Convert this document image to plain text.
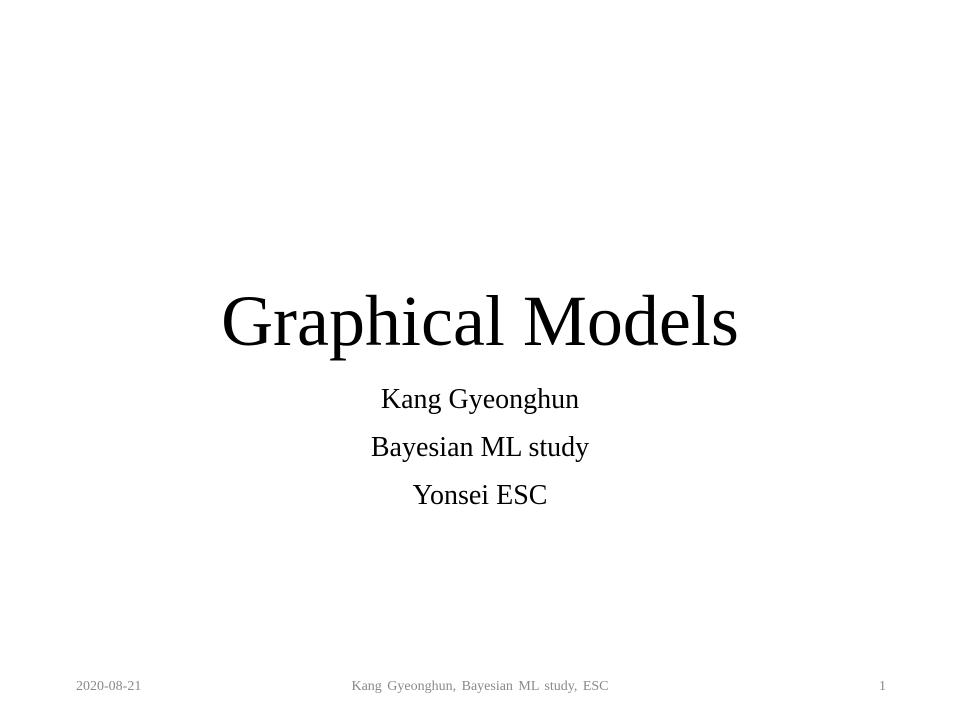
Graphical Models
Kang Gyeonghun
Bayesian ML study
Yonsei ESC
2020-08-21	Kang Gyeonghun, Bayesian ML study, ESC	1
